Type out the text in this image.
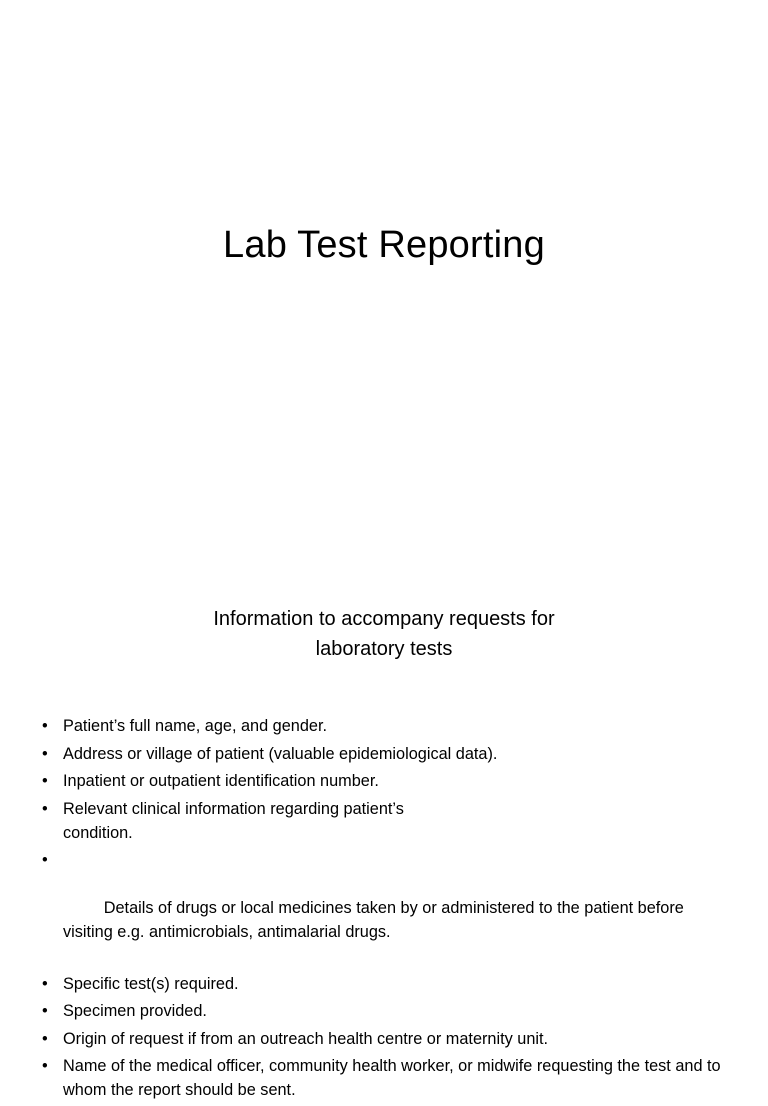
Lab Test Reporting
Information to accompany requests for
laboratory tests
• Patient’s full name, age, and gender.
• Address or village of patient (valuable epidemiological data).
• Inpatient or outpatient identification number.
• Relevant clinical information regarding patient’s condition.

•

Details of drugs or local medicines taken by or administered to the patient before visiting e.g. antimicrobials, antimalarial drugs.

• Specific test(s) required.
• Specimen provided.
• Origin of request if from an outreach health centre or maternity unit.
• Name of the medical officer, community health worker, or midwife requesting the test and to whom the report should be sent.
